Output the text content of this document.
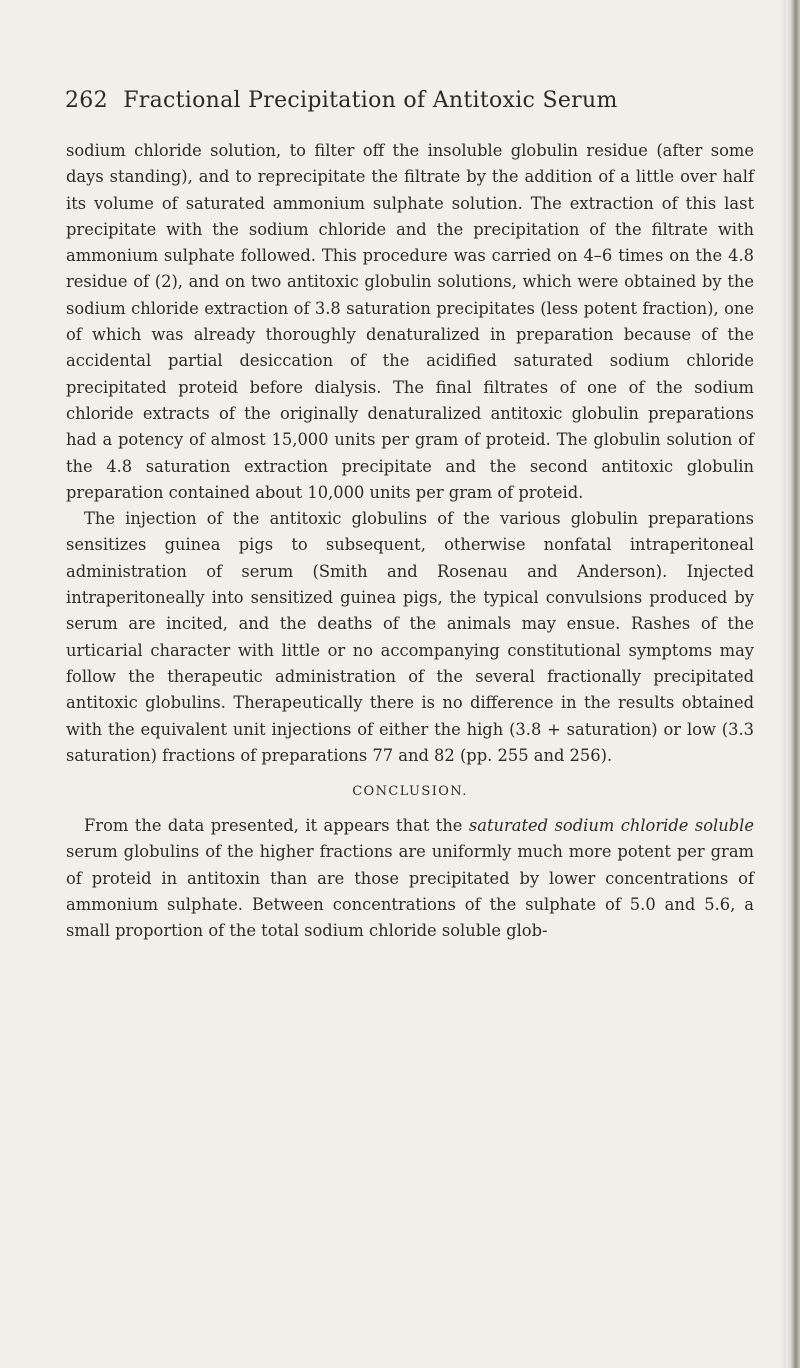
262 Fractional Precipitation of Antitoxic Serum

sodium chloride solution, to filter off the insoluble globulin residue (after some days standing), and to reprecipitate the filtrate by the addition of a little over half its volume of saturated ammonium sulphate solution. The extraction of this last precipitate with the sodium chloride and the precipitation of the filtrate with ammonium sulphate followed. This procedure was carried on 4–6 times on the 4.8 residue of (2), and on two antitoxic globulin solutions, which were obtained by the sodium chloride extraction of 3.8 saturation precipitates (less potent fraction), one of which was already thoroughly denaturalized in preparation because of the accidental partial desiccation of the acidified saturated sodium chloride precipitated proteid before dialysis. The final filtrates of one of the sodium chloride extracts of the originally denaturalized antitoxic globulin preparations had a potency of almost 15,000 units per gram of proteid. The globulin solution of the 4.8 saturation extraction precipitate and the second antitoxic globulin preparation contained about 10,000 units per gram of proteid.

The injection of the antitoxic globulins of the various globulin preparations sensitizes guinea pigs to subsequent, otherwise nonfatal intraperitoneal administration of serum (Smith and Rosenau and Anderson). Injected intraperitoneally into sensitized guinea pigs, the typical convulsions produced by serum are incited, and the deaths of the animals may ensue. Rashes of the urticarial character with little or no accompanying constitutional symptoms may follow the therapeutic administration of the several fractionally precipitated antitoxic globulins. Therapeutically there is no difference in the results obtained with the equivalent unit injections of either the high (3.8 + saturation) or low (3.3 saturation) fractions of preparations 77 and 82 (pp. 255 and 256).

CONCLUSION.

From the data presented, it appears that the saturated sodium chloride soluble serum globulins of the higher fractions are uniformly much more potent per gram of proteid in antitoxin than are those precipitated by lower concentrations of ammonium sulphate. Between concentrations of the sulphate of 5.0 and 5.6, a small proportion of the total sodium chloride soluble glob-
